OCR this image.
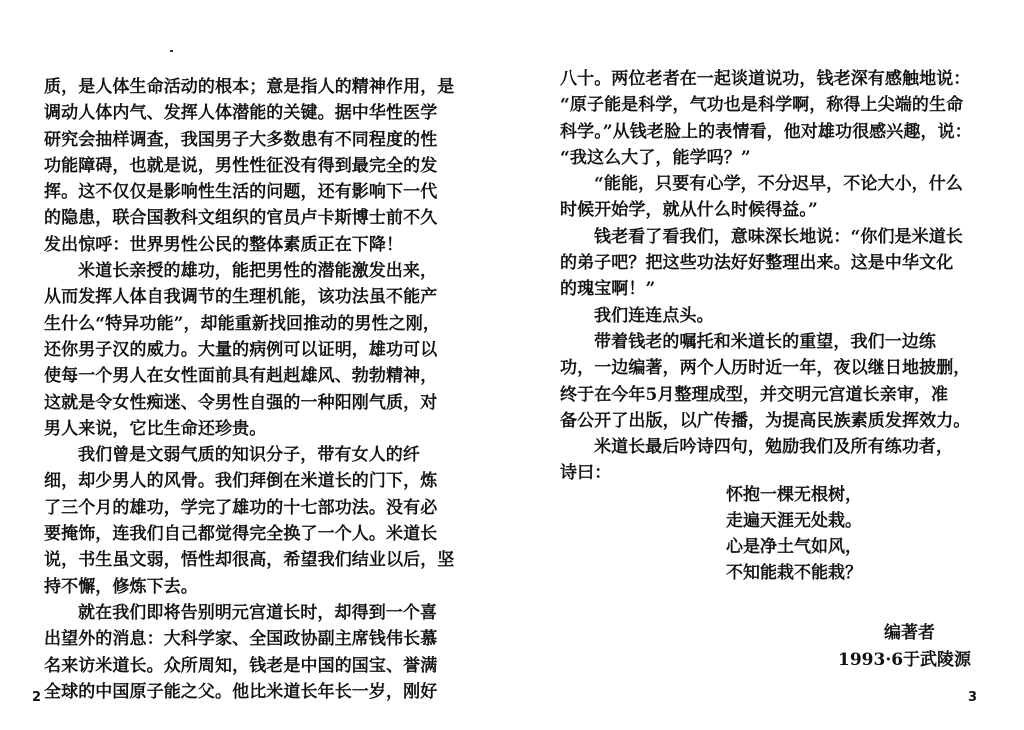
质，是人体生命活动的根本；意是指人的精神作用，是
调动人体内气、发挥人体潜能的关键。据中华性医学
研究会抽样调查，我国男子大多数患有不同程度的性
功能障碍，也就是说，男性性征没有得到最完全的发
挥。这不仅仅是影响性生活的问题，还有影响下一代
的隐患，联合国教科文组织的官员卢卡斯博士前不久
发出惊呼：世界男性公民的整体素质正在下降！
米道长亲授的雄功，能把男性的潜能激发出来，
从而发挥人体自我调节的生理机能，该功法虽不能产
生什么“特异功能”，却能重新找回推动的男性之刚，
还你男子汉的威力。大量的病例可以证明，雄功可以
使每一个男人在女性面前具有赳赳雄风、勃勃精神，
这就是令女性痴迷、令男性自强的一种阳刚气质，对
男人来说，它比生命还珍贵。
我们曾是文弱气质的知识分子，带有女人的纤
细，却少男人的风骨。我们拜倒在米道长的门下，炼
了三个月的雄功，学完了雄功的十七部功法。没有必
要掩饰，连我们自己都觉得完全换了一个人。米道长
说，书生虽文弱，悟性却很高，希望我们结业以后，坚
持不懈，修炼下去。
就在我们即将告别明元宫道长时，却得到一个喜
出望外的消息：大科学家、全国政协副主席钱伟长慕
名来访米道长。众所周知，钱老是中国的国宝、誉满
全球的中国原子能之父。他比米道长年长一岁，刚好
2
八十。两位老者在一起谈道说功，钱老深有感触地说：
“原子能是科学，气功也是科学啊，称得上尖端的生命
科学。”从钱老脸上的表情看，他对雄功很感兴趣，说：
“我这么大了，能学吗？”
“能能，只要有心学，不分迟早，不论大小，什么
时候开始学，就从什么时候得益。”
钱老看了看我们，意味深长地说：“你们是米道长
的弟子吧？把这些功法好好整理出来。这是中华文化
的瑰宝啊！”
我们连连点头。
带着钱老的嘱托和米道长的重望，我们一边练
功，一边编著，两个人历时近一年，夜以继日地披删，
终于在今年5月整理成型，并交明元宫道长亲审，准
备公开了出版，以广传播，为提高民族素质发挥效力。
米道长最后吟诗四句，勉励我们及所有练功者，
诗曰：
怀抱一棵无根树，
走遍天涯无处栽。
心是净土气如风，
不知能栽不能栽？
编著者
1993·6于武陵源
3
